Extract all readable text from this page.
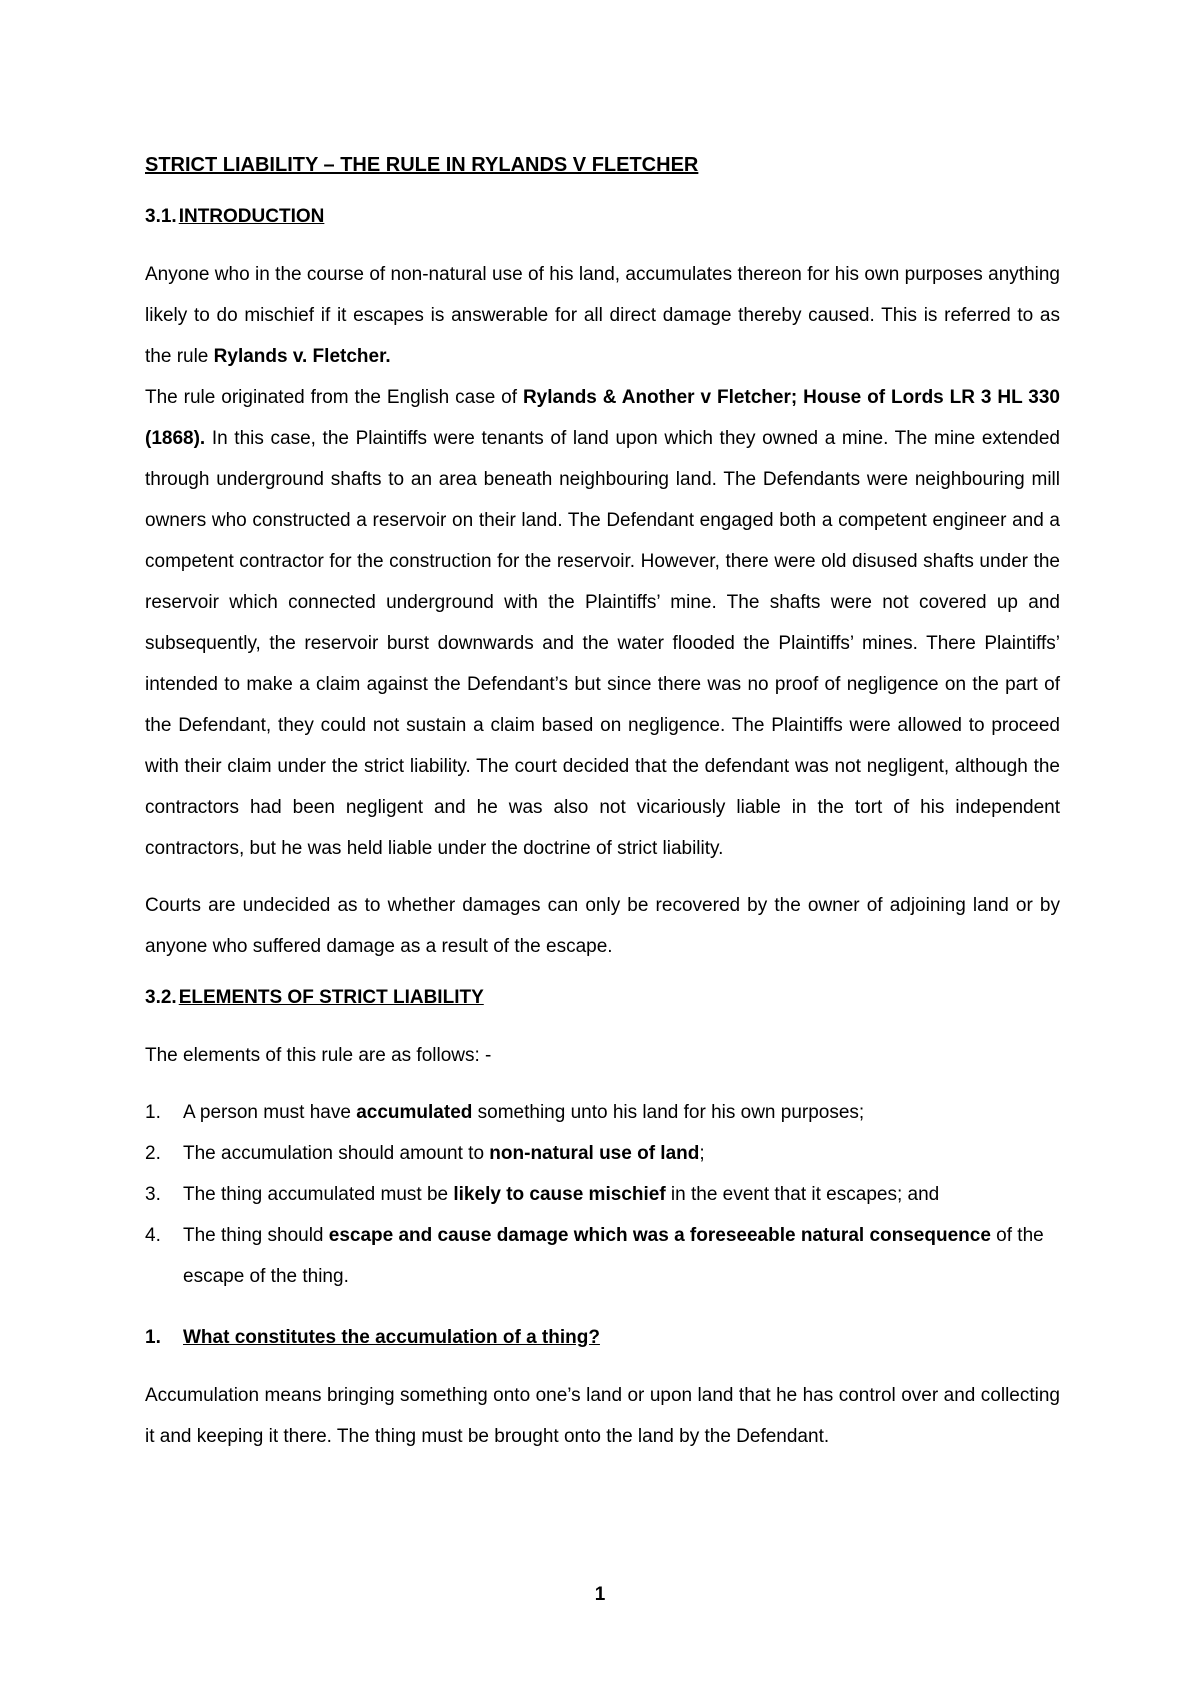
STRICT LIABILITY – THE RULE IN RYLANDS V FLETCHER
3.1. INTRODUCTION

Anyone who in the course of non-natural use of his land, accumulates thereon for his own purposes anything likely to do mischief if it escapes is answerable for all direct damage thereby caused. This is referred to as the rule Rylands v. Fletcher.

The rule originated from the English case of Rylands & Another v Fletcher; House of Lords LR 3 HL 330 (1868). In this case, the Plaintiffs were tenants of land upon which they owned a mine. The mine extended through underground shafts to an area beneath neighbouring land. The Defendants were neighbouring mill owners who constructed a reservoir on their land. The Defendant engaged both a competent engineer and a competent contractor for the construction for the reservoir. However, there were old disused shafts under the reservoir which connected underground with the Plaintiffs’ mine. The shafts were not covered up and subsequently, the reservoir burst downwards and the water flooded the Plaintiffs’ mines. There Plaintiffs’ intended to make a claim against the Defendant’s but since there was no proof of negligence on the part of the Defendant, they could not sustain a claim based on negligence. The Plaintiffs were allowed to proceed with their claim under the strict liability. The court decided that the defendant was not negligent, although the contractors had been negligent and he was also not vicariously liable in the tort of his independent contractors, but he was held liable under the doctrine of strict liability.

Courts are undecided as to whether damages can only be recovered by the owner of adjoining land or by anyone who suffered damage as a result of the escape.

3.2. ELEMENTS OF STRICT LIABILITY

The elements of this rule are as follows: -

1. A person must have accumulated something unto his land for his own purposes;
2. The accumulation should amount to non-natural use of land;
3. The thing accumulated must be likely to cause mischief in the event that it escapes; and
4. The thing should escape and cause damage which was a foreseeable natural consequence of the escape of the thing.
1. What constitutes the accumulation of a thing?

Accumulation means bringing something onto one’s land or upon land that he has control over and collecting it and keeping it there. The thing must be brought onto the land by the Defendant.

1
